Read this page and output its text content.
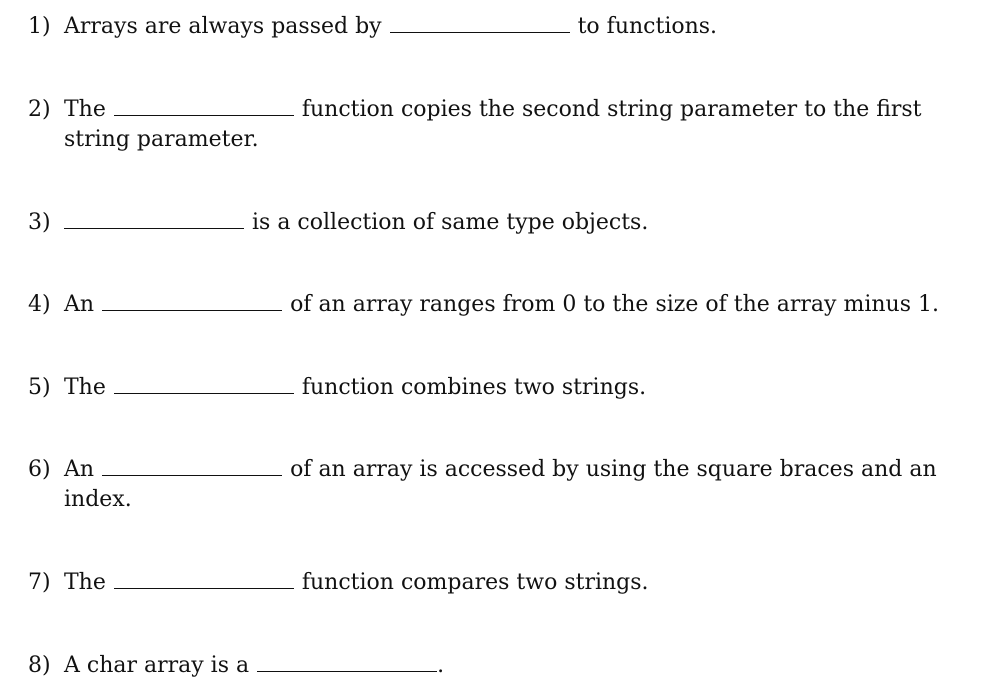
1) Arrays are always passed by	to functions.
2) The	function copies the second string parameter to the first
string parameter.
3)	is a collection of same type objects.
4) An	of an array ranges from 0 to the size of the array minus 1.
5) The	function combines two strings.
6) An	of an array is accessed by using the square braces and an
index.
7) The	function compares two strings.
8) A char array is a	.
